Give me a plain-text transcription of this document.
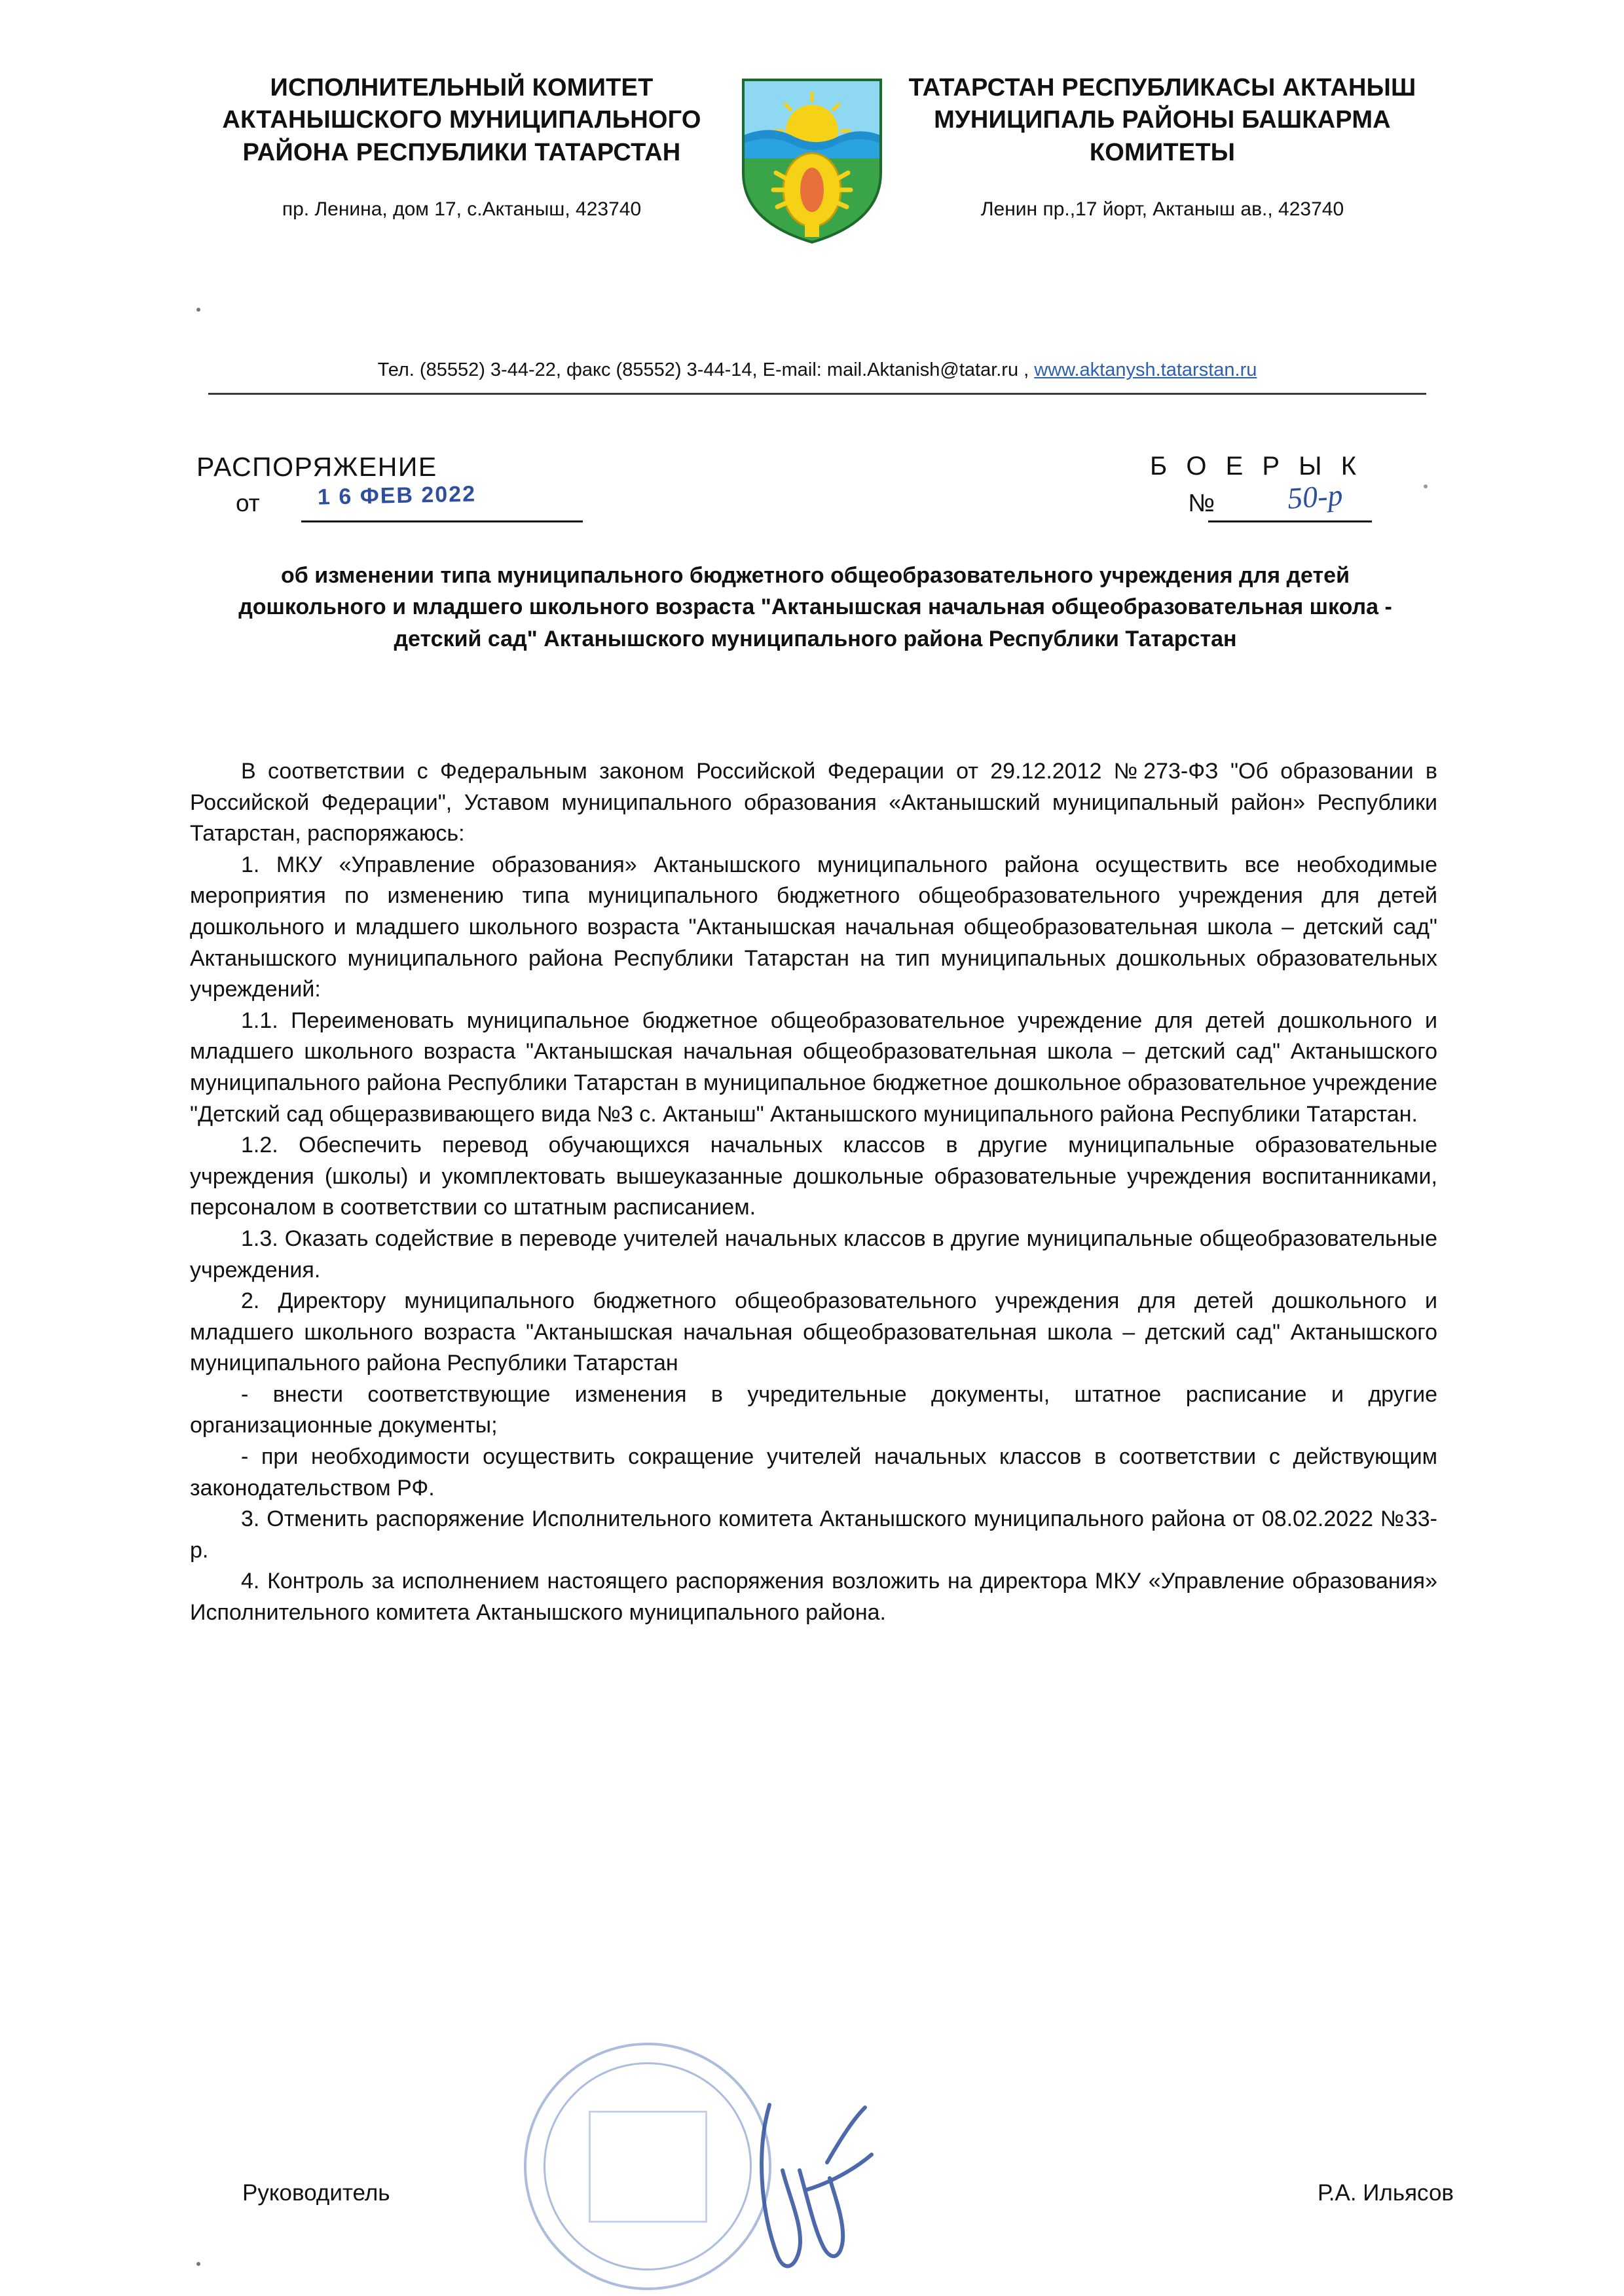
ИСПОЛНИТЕЛЬНЫЙ КОМИТЕТ АКТАНЫШСКОГО МУНИЦИПАЛЬНОГО РАЙОНА РЕСПУБЛИКИ ТАТАРСТАН
пр. Ленина, дом 17, с.Актаныш, 423740
ТАТАРСТАН РЕСПУБЛИКАСЫ АКТАНЫШ МУНИЦИПАЛЬ РАЙОНЫ БАШКАРМА КОМИТЕТЫ
Ленин пр.,17 йорт, Актаныш ав., 423740
Тел. (85552) 3-44-22, факс (85552) 3-44-14, E-mail: mail.Aktanish@tatar.ru , www.aktanysh.tatarstan.ru
РАСПОРЯЖЕНИЕ
от	1 6 ФЕВ 2022
Б О Е Р Ы К
№ 50-р
об изменении типа муниципального бюджетного общеобразовательного учреждения для детей дошкольного и младшего школьного возраста "Актанышская начальная общеобразовательная школа - детский сад" Актанышского муниципального района Республики Татарстан

В соответствии с Федеральным законом Российской Федерации от 29.12.2012 №273-ФЗ "Об образовании в Российской Федерации", Уставом муниципального образования «Актанышский муниципальный район» Республики Татарстан, распоряжаюсь:

1. МКУ «Управление образования» Актанышского муниципального района осуществить все необходимые мероприятия по изменению типа муниципального бюджетного общеобразовательного учреждения для детей дошкольного и младшего школьного возраста "Актанышская начальная общеобразовательная школа – детский сад" Актанышского муниципального района Республики Татарстан на тип муниципальных дошкольных образовательных учреждений:

1.1. Переименовать муниципальное бюджетное общеобразовательное учреждение для детей дошкольного и младшего школьного возраста "Актанышская начальная общеобразовательная школа – детский сад" Актанышского муниципального района Республики Татарстан в муниципальное бюджетное дошкольное образовательное учреждение "Детский сад общеразвивающего вида №3 с. Актаныш" Актанышского муниципального района Республики Татарстан.

1.2. Обеспечить перевод обучающихся начальных классов в другие муниципальные образовательные учреждения (школы) и укомплектовать вышеуказанные дошкольные образовательные учреждения воспитанниками, персоналом в соответствии со штатным расписанием.

1.3. Оказать содействие в переводе учителей начальных классов в другие муниципальные общеобразовательные учреждения.

2. Директору муниципального бюджетного общеобразовательного учреждения для детей дошкольного и младшего школьного возраста "Актанышская начальная общеобразовательная школа – детский сад" Актанышского муниципального района Республики Татарстан

- внести соответствующие изменения в учредительные документы, штатное расписание и другие организационные документы;

- при необходимости осуществить сокращение учителей начальных классов в соответствии с действующим законодательством РФ.

3. Отменить распоряжение Исполнительного комитета Актанышского муниципального района от 08.02.2022 №33-р.

4. Контроль за исполнением настоящего распоряжения возложить на директора МКУ «Управление образования» Исполнительного комитета Актанышского муниципального района.

Руководитель	Р.А. Ильясов
